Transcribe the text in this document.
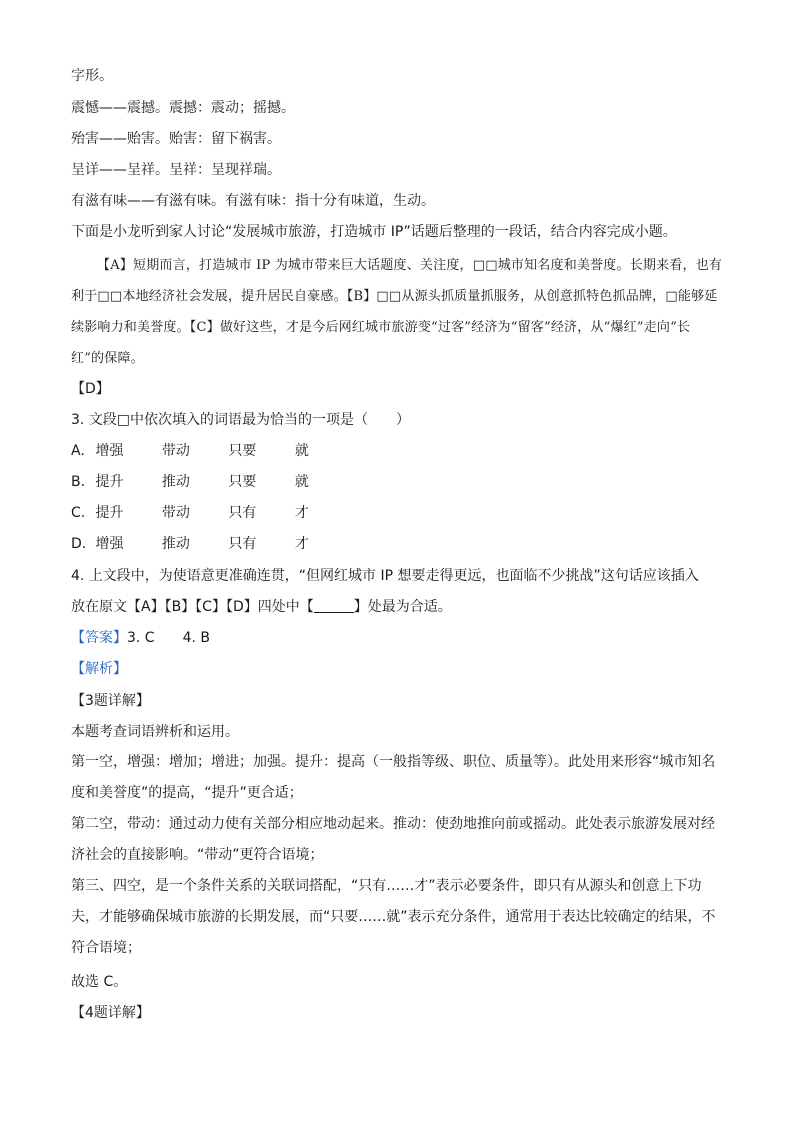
字形。
震憾——震撼。震撼：震动；摇撼。
殆害——贻害。贻害：留下祸害。
呈详——呈祥。呈祥：呈现祥瑞。
有滋有味——有滋有味。有滋有味：指十分有味道，生动。
下面是小龙听到家人讨论“发展城市旅游，打造城市 IP”话题后整理的一段话，结合内容完成小题。
【A】短期而言，打造城市 IP 为城市带来巨大话题度、关注度，□□城市知名度和美誉度。长期来看，也有利于□□本地经济社会发展，提升居民自豪感。【B】□□从源头抓质量抓服务，从创意抓特色抓品牌，□能够延续影响力和美誉度。【C】做好这些，才是今后网红城市旅游变“过客”经济为“留客”经济，从“爆红”走向“长红”的保障。
【D】
3. 文段□中依次填入的词语最为恰当的一项是（　　）
A. 增强	带动	只要	就
B. 提升	推动	只要	就
C. 提升	带动	只有	才
D. 增强	推动	只有	才
4. 上文段中，为使语意更准确连贯，“但网红城市 IP 想要走得更远，也面临不少挑战”这句话应该插入
放在原文【A】【B】【C】【D】四处中【	】处最为合适。
【答案】3. C　　4. B
【解析】
【3题详解】
本题考查词语辨析和运用。
第一空，增强：增加；增进；加强。提升：提高（一般指等级、职位、质量等）。此处用来形容“城市知名度和美誉度”的提高，“提升”更合适；
第二空，带动：通过动力使有关部分相应地动起来。推动：使劲地推向前或摇动。此处表示旅游发展对经济社会的直接影响。“带动”更符合语境；
第三、四空，是一个条件关系的关联词搭配，“只有……才”表示必要条件，即只有从源头和创意上下功夫，才能够确保城市旅游的长期发展，而“只要……就”表示充分条件，通常用于表达比较确定的结果，不符合语境；
故选 C。
【4题详解】
